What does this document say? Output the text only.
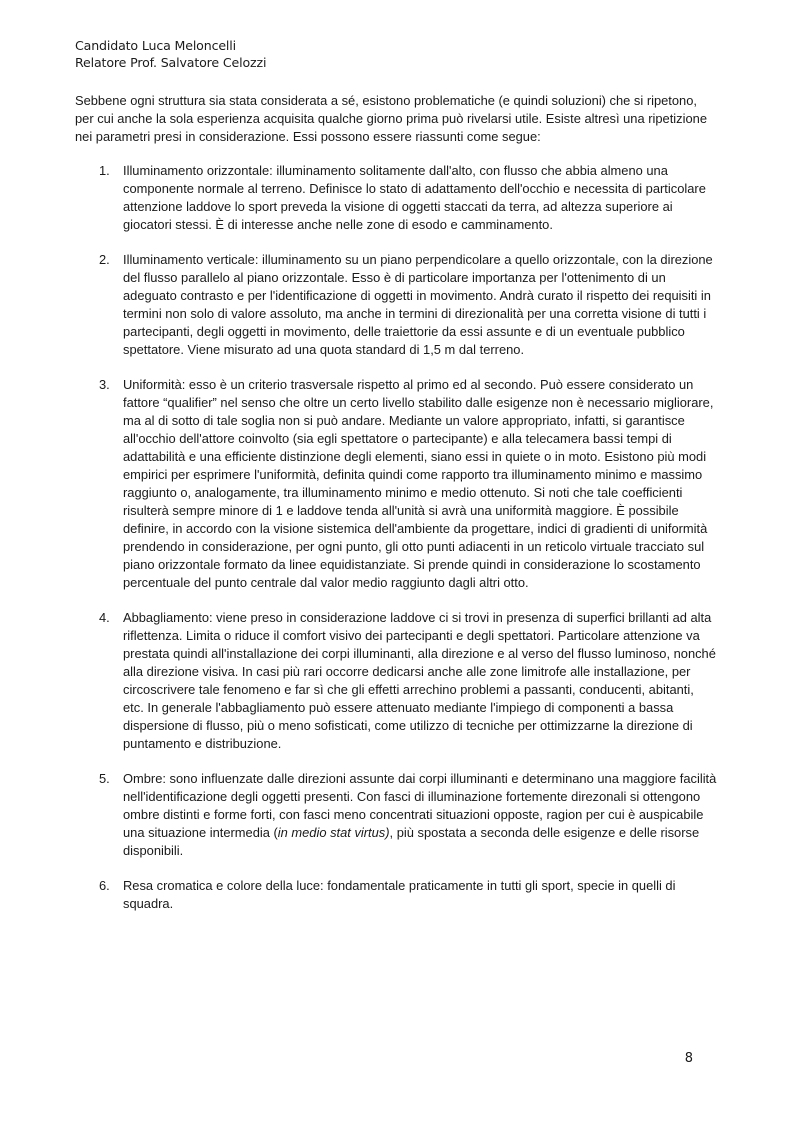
Candidato Luca Meloncelli
Relatore Prof. Salvatore Celozzi

Sebbene ogni struttura sia stata considerata a sé, esistono problematiche (e quindi soluzioni) che si ripetono, per cui anche la sola esperienza acquisita qualche giorno prima può rivelarsi utile. Esiste altresì una ripetizione nei parametri presi in considerazione. Essi possono essere riassunti come segue:

1. Illuminamento orizzontale: illuminamento solitamente dall'alto, con flusso che abbia almeno una componente normale al terreno. Definisce lo stato di adattamento dell'occhio e necessita di particolare attenzione laddove lo sport preveda la visione di oggetti staccati da terra, ad altezza superiore ai giocatori stessi. È di interesse anche nelle zone di esodo e camminamento.

2. Illuminamento verticale: illuminamento su un piano perpendicolare a quello orizzontale, con la direzione del flusso parallelo al piano orizzontale. Esso è di particolare importanza per l'ottenimento di un adeguato contrasto e per l'identificazione di oggetti in movimento. Andrà curato il rispetto dei requisiti in termini non solo di valore assoluto, ma anche in termini di direzionalità per una corretta visione di tutti i partecipanti, degli oggetti in movimento, delle traiettorie da essi assunte e di un eventuale pubblico spettatore. Viene misurato ad una quota standard di 1,5 m dal terreno.

3. Uniformità: esso è un criterio trasversale rispetto al primo ed al secondo. Può essere considerato un fattore “qualifier” nel senso che oltre un certo livello stabilito dalle esigenze non è necessario migliorare, ma al di sotto di tale soglia non si può andare. Mediante un valore appropriato, infatti, si garantisce all'occhio dell'attore coinvolto (sia egli spettatore o partecipante) e alla telecamera bassi tempi di adattabilità e una efficiente distinzione degli elementi, siano essi in quiete o in moto. Esistono più modi empirici per esprimere l'uniformità, definita quindi come rapporto tra illuminamento minimo e massimo raggiunto o, analogamente, tra illuminamento minimo e medio ottenuto. Si noti che tale coefficienti risulterà sempre minore di 1 e laddove tenda all'unità si avrà una uniformità maggiore. È possibile definire, in accordo con la visione sistemica dell'ambiente da progettare, indici di gradienti di uniformità prendendo in considerazione, per ogni punto, gli otto punti adiacenti in un reticolo virtuale tracciato sul piano orizzontale formato da linee equidistanziate. Si prende quindi in considerazione lo scostamento percentuale del punto centrale dal valor medio raggiunto dagli altri otto.

4. Abbagliamento: viene preso in considerazione laddove ci si trovi in presenza di superfici brillanti ad alta riflettenza. Limita o riduce il comfort visivo dei partecipanti e degli spettatori. Particolare attenzione va prestata quindi all'installazione dei corpi illuminanti, alla direzione e al verso del flusso luminoso, nonché alla direzione visiva. In casi più rari occorre dedicarsi anche alle zone limitrofe alle installazione, per circoscrivere tale fenomeno e far sì che gli effetti arrechino problemi a passanti, conducenti, abitanti, etc. In generale l'abbagliamento può essere attenuato mediante l'impiego di componenti a bassa dispersione di flusso, più o meno sofisticati, come utilizzo di tecniche per ottimizzarne la direzione di puntamento e distribuzione.

5. Ombre: sono influenzate dalle direzioni assunte dai corpi illuminanti e determinano una maggiore facilità nell'identificazione degli oggetti presenti. Con fasci di illuminazione fortemente direzonali si ottengono ombre distinti e forme forti, con fasci meno concentrati situazioni opposte, ragion per cui è auspicabile una situazione intermedia (in medio stat virtus), più spostata a seconda delle esigenze e delle risorse disponibili.

6. Resa cromatica e colore della luce: fondamentale praticamente in tutti gli sport, specie in quelli di squadra.

8
